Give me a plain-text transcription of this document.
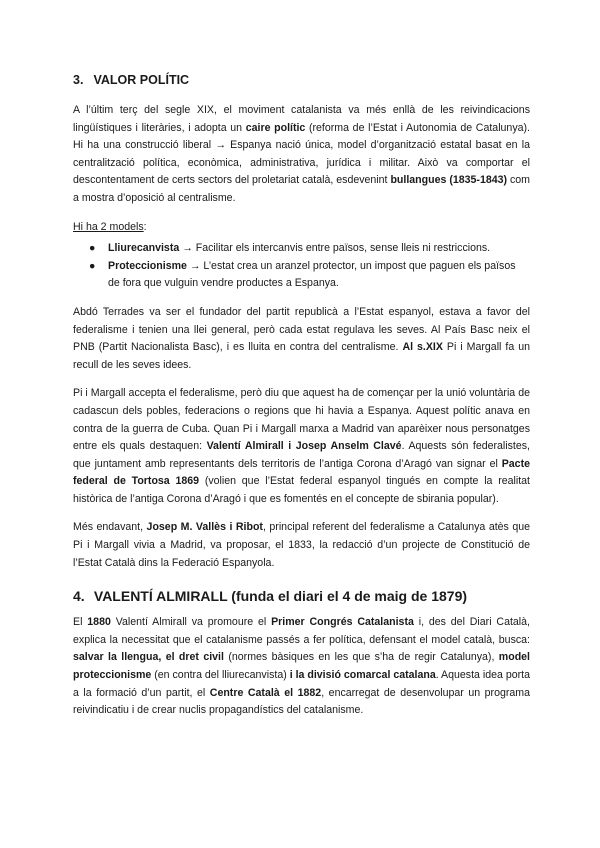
3. VALOR POLÍTIC

A l’últim terç del segle XIX, el moviment catalanista va més enllà de les reivindicacions lingüístiques i literàries, i adopta un caire polític (reforma de l’Estat i Autonomia de Catalunya). Hi ha una construcció liberal → Espanya nació única, model d’organització estatal basat en la centralització política, econòmica, administrativa, jurídica i militar. Això va comportar el descontentament de certs sectors del proletariat català, esdevenint bullangues (1835-1843) com a mostra d’oposició al centralisme.

Hi ha 2 models:

● Lliurecanvista → Facilitar els intercanvis entre països, sense lleis ni restriccions.
● Proteccionisme → L’estat crea un aranzel protector, un impost que paguen els països de fora que vulguin vendre productes a Espanya.

Abdó Terrades va ser el fundador del partit republicà a l’Estat espanyol, estava a favor del federalisme i tenien una llei general, però cada estat regulava les seves. Al País Basc neix el PNB (Partit Nacionalista Basc), i es lluita en contra del centralisme. Al s.XIX Pi i Margall fa un recull de les seves idees.

Pi i Margall accepta el federalisme, però diu que aquest ha de començar per la unió voluntària de cadascun dels pobles, federacions o regions que hi havia a Espanya. Aquest polític anava en contra de la guerra de Cuba. Quan Pi i Margall marxa a Madrid van aparèixer nous personatges entre els quals destaquen: Valentí Almirall i Josep Anselm Clavé. Aquests són federalistes, que juntament amb representants dels territoris de l’antiga Corona d’Aragó van signar el Pacte federal de Tortosa 1869 (volien que l’Estat federal espanyol tingués en compte la realitat històrica de l’antiga Corona d’Aragó i que es fomentés en el concepte de sbirania popular).

Més endavant, Josep M. Vallès i Ribot, principal referent del federalisme a Catalunya atès que Pi i Margall vivia a Madrid, va proposar, el 1833, la redacció d’un projecte de Constitució de l’Estat Català dins la Federació Espanyola.

4. VALENTÍ ALMIRALL (funda el diari el 4 de maig de 1879)

El 1880 Valentí Almirall va promoure el Primer Congrés Catalanista i, des del Diari Català, explica la necessitat que el catalanisme passés a fer política, defensant el model català, busca: salvar la llengua, el dret civil (normes bàsiques en les que s’ha de regir Catalunya), model proteccionisme (en contra del lliurecanvista) i la divisió comarcal catalana. Aquesta idea porta a la formació d’un partit, el Centre Català el 1882, encarregat de desenvolupar un programa reivindicatiu i de crear nuclis propagandístics del catalanisme.
